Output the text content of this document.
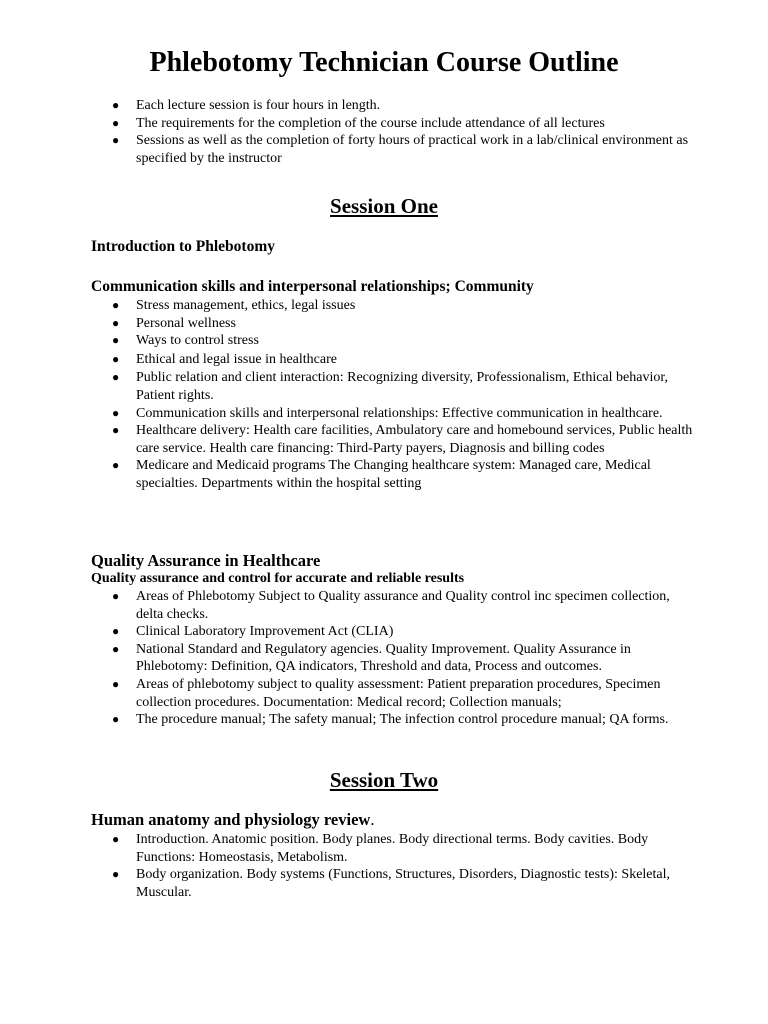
Phlebotomy Technician Course Outline
● Each lecture session is four hours in length.
● The requirements for the completion of the course include attendance of all lectures
● Sessions as well as the completion of forty hours of practical work in a lab/clinical environment as specified by the instructor
Session One
Introduction to Phlebotomy
Communication skills and interpersonal relationships; Community
● Stress management, ethics, legal issues
● Personal wellness
● Ways to control stress
● Ethical and legal issue in healthcare
● Public relation and client interaction: Recognizing diversity, Professionalism, Ethical behavior, Patient rights.
● Communication skills and interpersonal relationships: Effective communication in healthcare.
● Healthcare delivery: Health care facilities, Ambulatory care and homebound services, Public health care service. Health care financing: Third-Party payers, Diagnosis and billing codes
● Medicare and Medicaid programs The Changing healthcare system: Managed care, Medical specialties. Departments within the hospital setting
Quality Assurance in Healthcare
Quality assurance and control for accurate and reliable results
● Areas of Phlebotomy Subject to Quality assurance and Quality control inc specimen collection, delta checks.
● Clinical Laboratory Improvement Act (CLIA)
● National Standard and Regulatory agencies. Quality Improvement. Quality Assurance in Phlebotomy: Definition, QA indicators, Threshold and data, Process and outcomes.
● Areas of phlebotomy subject to quality assessment: Patient preparation procedures, Specimen collection procedures. Documentation: Medical record; Collection manuals;
● The procedure manual; The safety manual; The infection control procedure manual; QA forms.
Session Two
Human anatomy and physiology review.
● Introduction. Anatomic position. Body planes. Body directional terms. Body cavities. Body Functions: Homeostasis, Metabolism.
● Body organization. Body systems (Functions, Structures, Disorders, Diagnostic tests): Skeletal, Muscular.
